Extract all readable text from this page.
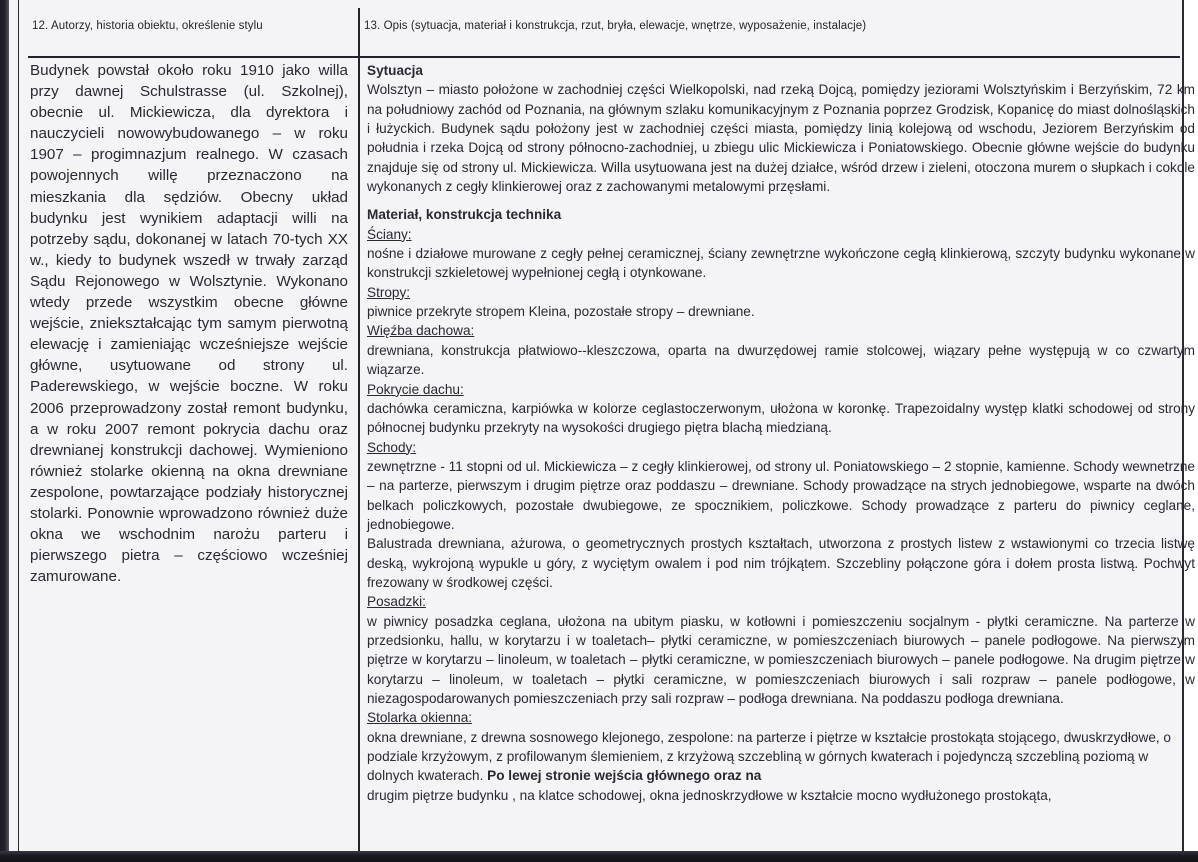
12. Autorzy, historia obiektu, określenie stylu	13. Opis (sytuacja, materiał i konstrukcja, rzut, bryła, elewacje, wnętrze, wyposażenie, instalacje)

Budynek powstał około roku 1910 jako willa przy dawnej Schulstrasse (ul. Szkolnej), obecnie ul. Mickiewicza, dla dyrektora i nauczycieli nowowybudowanego – w roku 1907 – progimnazjum realnego. W czasach powojennych willę przeznaczono na mieszkania dla sędziów. Obecny układ budynku jest wynikiem adaptacji willi na potrzeby sądu, dokonanej w latach 70-tych XX w., kiedy to budynek wszedł w trwały zarząd Sądu Rejonowego w Wolsztynie. Wykonano wtedy przede wszystkim obecne główne wejście, zniekształcając tym samym pierwotną elewację i zamieniając wcześniejsze wejście główne, usytuowane od strony ul. Paderewskiego, w wejście boczne. W roku 2006 przeprowadzony został remont budynku, a w roku 2007 remont pokrycia dachu oraz drewnianej konstrukcji dachowej. Wymieniono również stolarke okienną na okna drewniane zespolone, powtarzające podziały historycznej stolarki. Ponownie wprowadzono również duże okna we wschodnim narożu parteru i pierwszego pietra – częściowo wcześniej zamurowane.

Sytuacja

Wolsztyn – miasto położone w zachodniej części Wielkopolski, nad rzeką Dojcą, pomiędzy jeziorami Wolsztyńskim i Berzyńskim, 72 km na południowy zachód od Poznania, na głównym szlaku komunikacyjnym z Poznania poprzez Grodzisk, Kopanicę do miast dolnośląskich i łużyckich. Budynek sądu położony jest w zachodniej części miasta, pomiędzy linią kolejową od wschodu, Jeziorem Berzyńskim od południa i rzeka Dojcą od strony północno-zachodniej, u zbiegu ulic Mickiewicza i Poniatowskiego. Obecnie główne wejście do budynku znajduje się od strony ul. Mickiewicza. Willa usytuowana jest na dużej działce, wśród drzew i zieleni, otoczona murem o słupkach i cokole wykonanych z cegły klinkierowej oraz z zachowanymi metalowymi przęsłami.

Materiał, konstrukcja technika

Ściany:

nośne i działowe murowane z cegły pełnej ceramicznej, ściany zewnętrzne wykończone cegłą klinkierową, szczyty budynku wykonane w konstrukcji szkieletowej wypełnionej cegłą i otynkowane.

Stropy:

piwnice przekryte stropem Kleina, pozostałe stropy – drewniane.

Więźba dachowa:

drewniana, konstrukcja płatwiowo--kleszczowa, oparta na dwurzędowej ramie stolcowej, wiązary pełne występują w co czwartym wiązarze.

Pokrycie dachu:

dachówka ceramiczna, karpiówka w kolorze ceglastoczerwonym, ułożona w koronkę. Trapezoidalny występ klatki schodowej od strony północnej budynku przekryty na wysokości drugiego piętra blachą miedzianą.

Schody:

zewnętrzne - 11 stopni od ul. Mickiewicza – z cegły klinkierowej, od strony ul. Poniatowskiego – 2 stopnie, kamienne. Schody wewnetrzne – na parterze, pierwszym i drugim piętrze oraz poddaszu – drewniane. Schody prowadzące na strych jednobiegowe, wsparte na dwóch belkach policzkowych, pozostałe dwubiegowe, ze spocznikiem, policzkowe. Schody prowadzące z parteru do piwnicy ceglane, jednobiegowe.

Balustrada drewniana, ażurowa, o geometrycznych prostych kształtach, utworzona z prostych listew z wstawionymi co trzecia listwę deską, wykrojoną wypukle u góry, z wyciętym owalem i pod nim trójkątem. Szczebliny połączone góra i dołem prosta listwą. Pochwyt frezowany w środkowej części.

Posadzki:

w piwnicy posadzka ceglana, ułożona na ubitym piasku, w kotłowni i pomieszczeniu socjalnym - płytki ceramiczne. Na parterze w przedsionku, hallu, w korytarzu i w toaletach– płytki ceramiczne, w pomieszczeniach biurowych – panele podłogowe. Na pierwszym piętrze w korytarzu – linoleum, w toaletach – płytki ceramiczne, w pomieszczeniach biurowych – panele podłogowe. Na drugim piętrze w korytarzu – linoleum, w toaletach – płytki ceramiczne, w pomieszczeniach biurowych i sali rozpraw – panele podłogowe, w niezagospodarowanych pomieszczeniach przy sali rozpraw – podłoga drewniana. Na poddaszu podłoga drewniana.

Stolarka okienna:

okna drewniane, z drewna sosnowego klejonego, zespolone: na parterze i piętrze w kształcie prostokąta stojącego, dwuskrzydłowe, o podziale krzyżowym, z profilowanym ślemieniem, z krzyżową szczebliną w górnych kwaterach i pojedynczą szczebliną poziomą w dolnych kwaterach. Po lewej stronie wejścia głównego oraz na

drugim piętrze budynku , na klatce schodowej, okna jednoskrzydłowe w kształcie mocno wydłużonego prostokąta,
